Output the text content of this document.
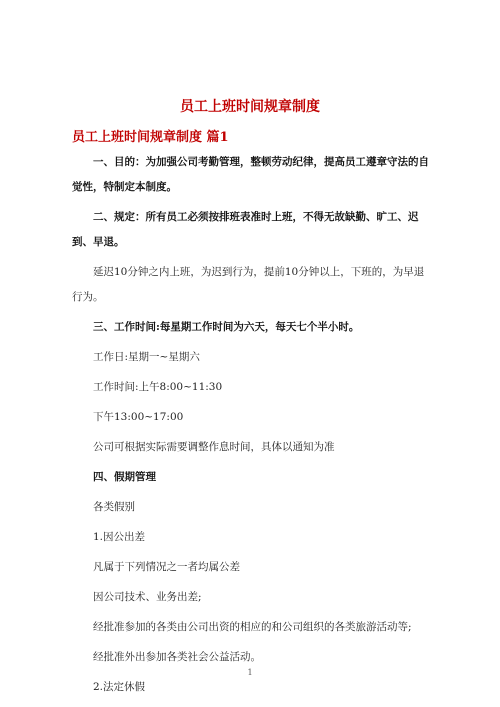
员工上班时间规章制度
员工上班时间规章制度 篇1

一、目的：为加强公司考勤管理，整顿劳动纪律，提高员工遵章守法的自觉性，特制定本制度。

二、规定：所有员工必须按排班表准时上班，不得无故缺勤、旷工、迟到、早退。

延迟10分钟之内上班，为迟到行为，提前10分钟以上，下班的，为早退行为。

三、工作时间:每星期工作时间为六天，每天七个半小时。

工作日:星期一~星期六

工作时间:上午8:00~11:30

下午13:00~17:00

公司可根据实际需要调整作息时间，具体以通知为准

四、假期管理

各类假别

1.因公出差

凡属于下列情况之一者均属公差

因公司技术、业务出差;

经批准参加的各类由公司出资的相应的和公司组织的各类旅游活动等;

经批准外出参加各类社会公益活动。

2.法定休假

1
